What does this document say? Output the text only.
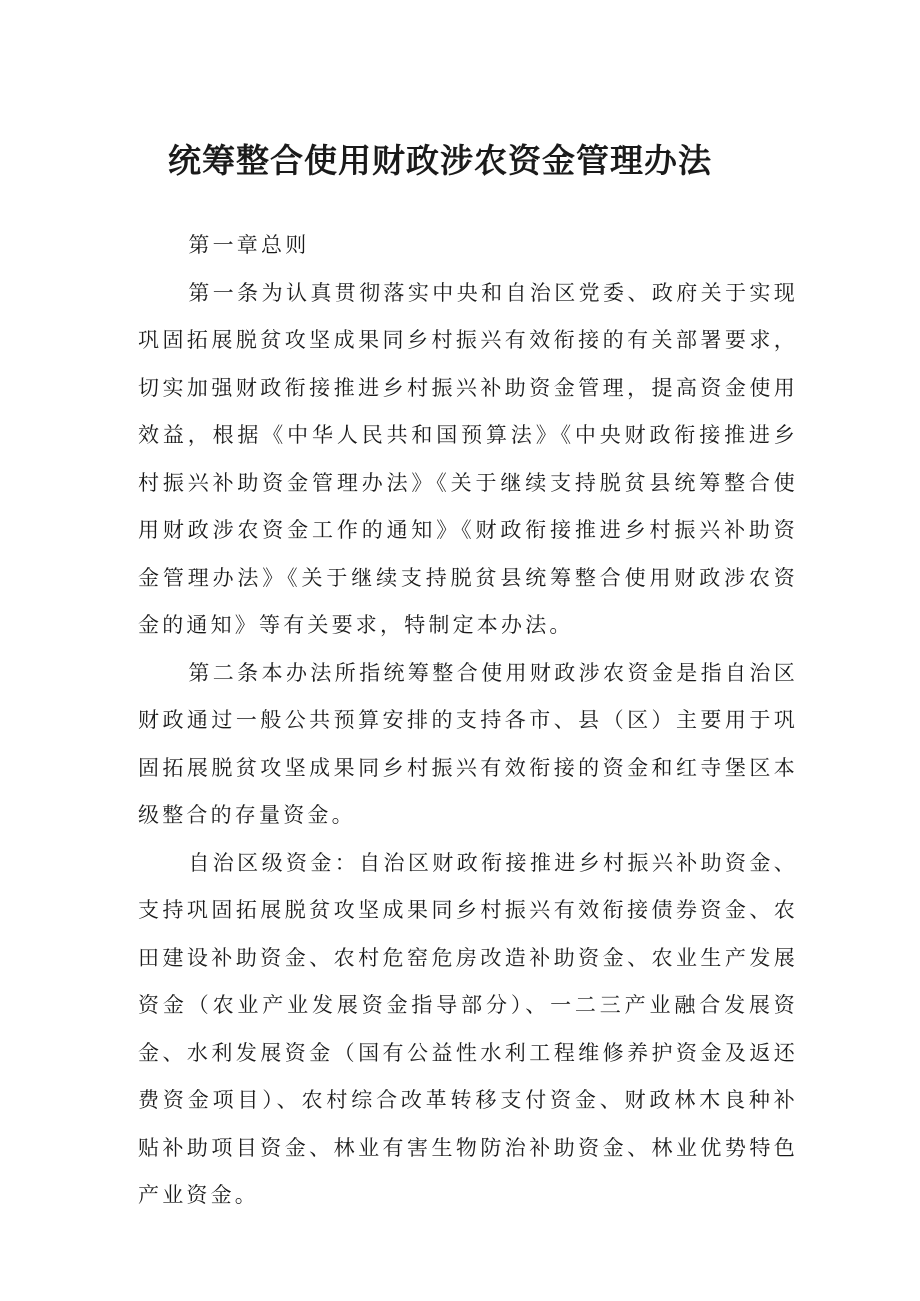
统筹整合使用财政涉农资金管理办法

第一章总则

第一条为认真贯彻落实中央和自治区党委、政府关于实现巩固拓展脱贫攻坚成果同乡村振兴有效衔接的有关部署要求，切实加强财政衔接推进乡村振兴补助资金管理，提高资金使用效益，根据《中华人民共和国预算法》《中央财政衔接推进乡村振兴补助资金管理办法》《关于继续支持脱贫县统筹整合使用财政涉农资金工作的通知》《财政衔接推进乡村振兴补助资金管理办法》《关于继续支持脱贫县统筹整合使用财政涉农资金的通知》等有关要求，特制定本办法。

第二条本办法所指统筹整合使用财政涉农资金是指自治区财政通过一般公共预算安排的支持各市、县（区）主要用于巩固拓展脱贫攻坚成果同乡村振兴有效衔接的资金和红寺堡区本级整合的存量资金。

自治区级资金：自治区财政衔接推进乡村振兴补助资金、支持巩固拓展脱贫攻坚成果同乡村振兴有效衔接债券资金、农田建设补助资金、农村危窑危房改造补助资金、农业生产发展资金（农业产业发展资金指导部分）、一二三产业融合发展资金、水利发展资金（国有公益性水利工程维修养护资金及返还费资金项目）、农村综合改革转移支付资金、财政林木良种补贴补助项目资金、林业有害生物防治补助资金、林业优势特色产业资金。
